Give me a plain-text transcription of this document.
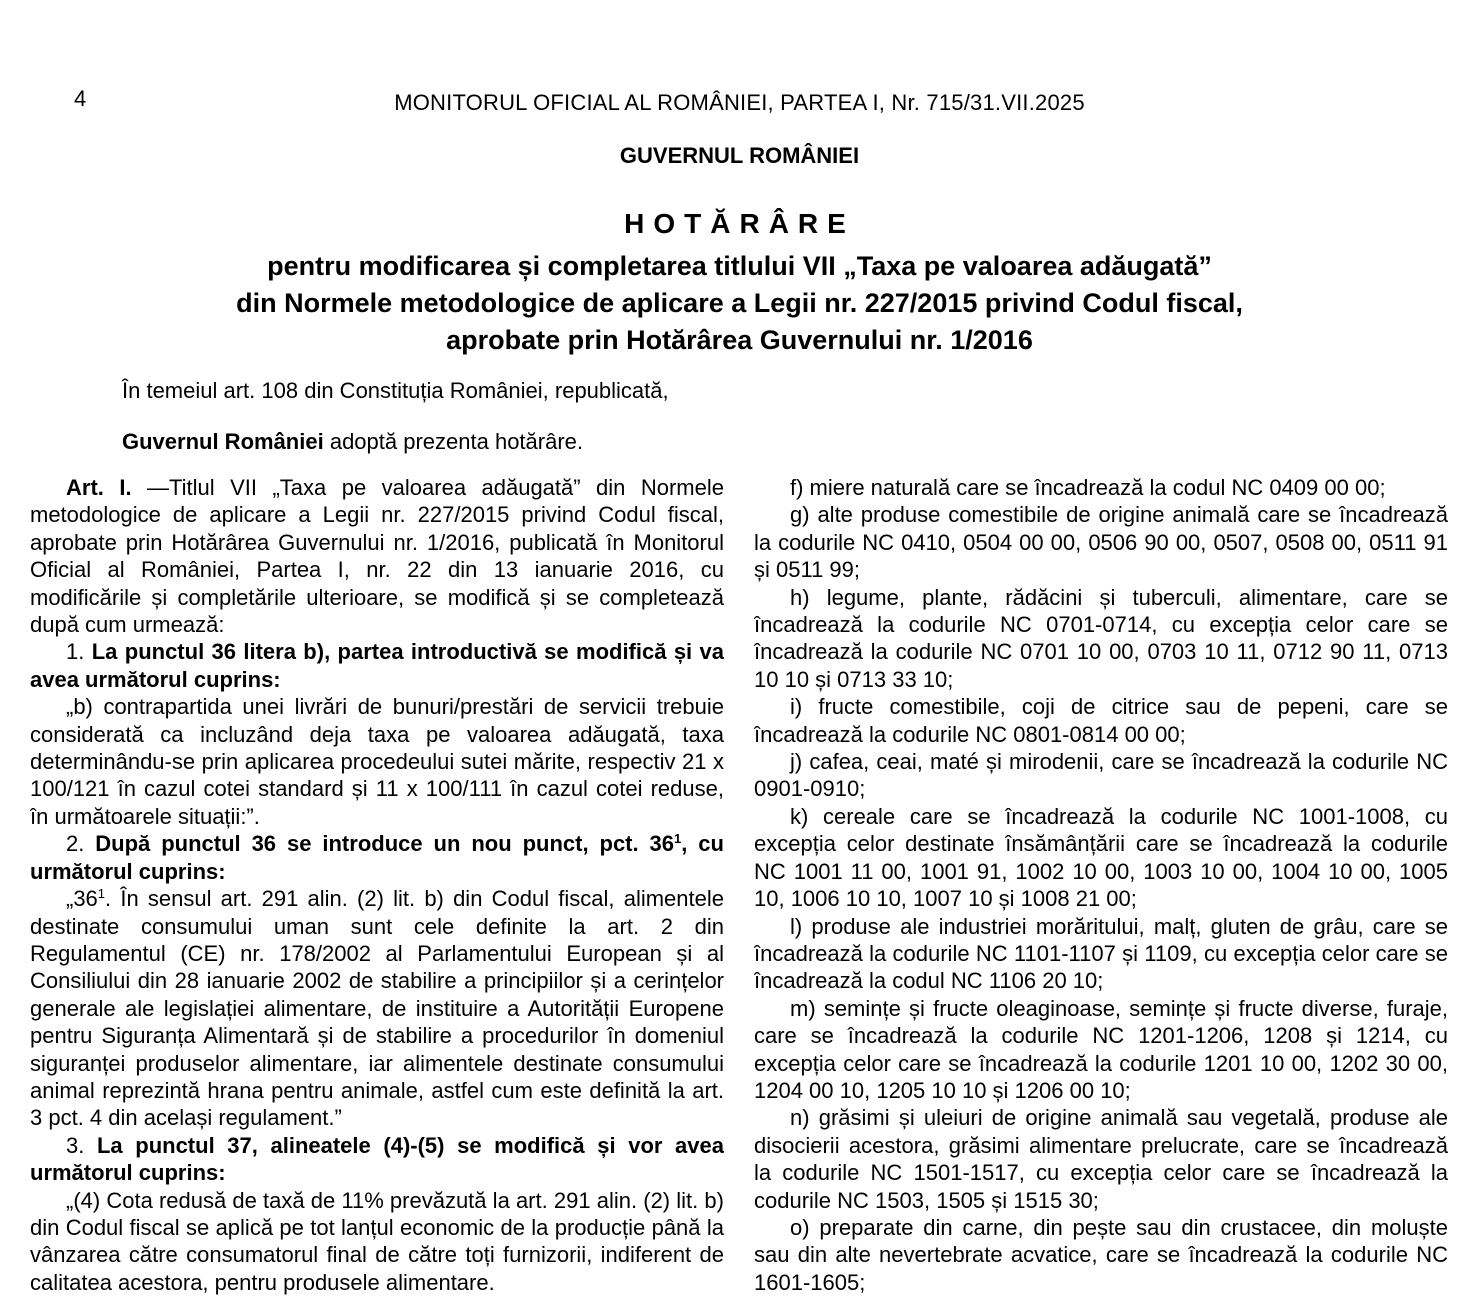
4	MONITORUL OFICIAL AL ROMÂNIEI, PARTEA I, Nr. 715/31.VII.2025
GUVERNUL ROMÂNIEI
HOTĂRÂRE
pentru modificarea și completarea titlului VII „Taxa pe valoarea adăugată”
din Normele metodologice de aplicare a Legii nr. 227/2015 privind Codul fiscal,
aprobate prin Hotărârea Guvernului nr. 1/2016
În temeiul art. 108 din Constituția României, republicată,
Guvernul României adoptă prezenta hotărâre.

Art. I. —Titlul VII „Taxa pe valoarea adăugată” din Normele metodologice de aplicare a Legii nr. 227/2015 privind Codul fiscal, aprobate prin Hotărârea Guvernului nr. 1/2016, publicată în Monitorul Oficial al României, Partea I, nr. 22 din 13 ianuarie 2016, cu modificările și completările ulterioare, se modifică și se completează după cum urmează:

1. La punctul 36 litera b), partea introductivă se modifică și va avea următorul cuprins:

„b) contrapartida unei livrări de bunuri/prestări de servicii trebuie considerată ca incluzând deja taxa pe valoarea adăugată, taxa determinându-se prin aplicarea procedeului sutei mărite, respectiv 21 x 100/121 în cazul cotei standard și 11 x 100/111 în cazul cotei reduse, în următoarele situații:”.

2. După punctul 36 se introduce un nou punct, pct. $36^1$, cu următorul cuprins:

$„36^1$. În sensul art. 291 alin. (2) lit. b) din Codul fiscal, alimentele destinate consumului uman sunt cele definite la art. 2 din Regulamentul (CE) nr. 178/2002 al Parlamentului European și al Consiliului din 28 ianuarie 2002 de stabilire a principiilor și a cerințelor generale ale legislației alimentare, de instituire a Autorității Europene pentru Siguranța Alimentară și de stabilire a procedurilor în domeniul siguranței produselor alimentare, iar alimentele destinate consumului animal reprezintă hrana pentru animale, astfel cum este definită la art. 3 pct. 4 din același regulament.”

3. La punctul 37, alineatele (4)-(5) se modifică și vor avea următorul cuprins:

„(4) Cota redusă de taxă de 11% prevăzută la art. 291 alin. (2) lit. b) din Codul fiscal se aplică pe tot lanțul economic de la producție până la vânzarea către consumatorul final de către toți furnizorii, indiferent de calitatea acestora, pentru produsele alimentare.

f) miere naturală care se încadrează la codul NC 0409 00 00;

g) alte produse comestibile de origine animală care se încadrează la codurile NC 0410, 0504 00 00, 0506 90 00, 0507, 0508 00, 0511 91 și 0511 99;

h) legume, plante, rădăcini și tuberculi, alimentare, care se încadrează la codurile NC 0701-0714, cu excepția celor care se încadrează la codurile NC 0701 10 00, 0703 10 11, 0712 90 11, 0713 10 10 și 0713 33 10;

i) fructe comestibile, coji de citrice sau de pepeni, care se încadrează la codurile NC 0801-0814 00 00;

j) cafea, ceai, maté și mirodenii, care se încadrează la codurile NC 0901-0910;

k) cereale care se încadrează la codurile NC 1001-1008, cu excepția celor destinate însămânțării care se încadrează la codurile NC 1001 11 00, 1001 91, 1002 10 00, 1003 10 00, 1004 10 00, 1005 10, 1006 10 10, 1007 10 și 1008 21 00;

l) produse ale industriei morăritului, malț, gluten de grâu, care se încadrează la codurile NC 1101-1107 și 1109, cu excepția celor care se încadrează la codul NC 1106 20 10;

m) semințe și fructe oleaginoase, semințe și fructe diverse, furaje, care se încadrează la codurile NC 1201-1206, 1208 și 1214, cu excepția celor care se încadrează la codurile 1201 10 00, 1202 30 00, 1204 00 10, 1205 10 10 și 1206 00 10;

n) grăsimi și uleiuri de origine animală sau vegetală, produse ale disocierii acestora, grăsimi alimentare prelucrate, care se încadrează la codurile NC 1501-1517, cu excepția celor care se încadrează la codurile NC 1503, 1505 și 1515 30;

o) preparate din carne, din pește sau din crustacee, din moluște sau din alte nevertebrate acvatice, care se încadrează la codurile NC 1601-1605;
